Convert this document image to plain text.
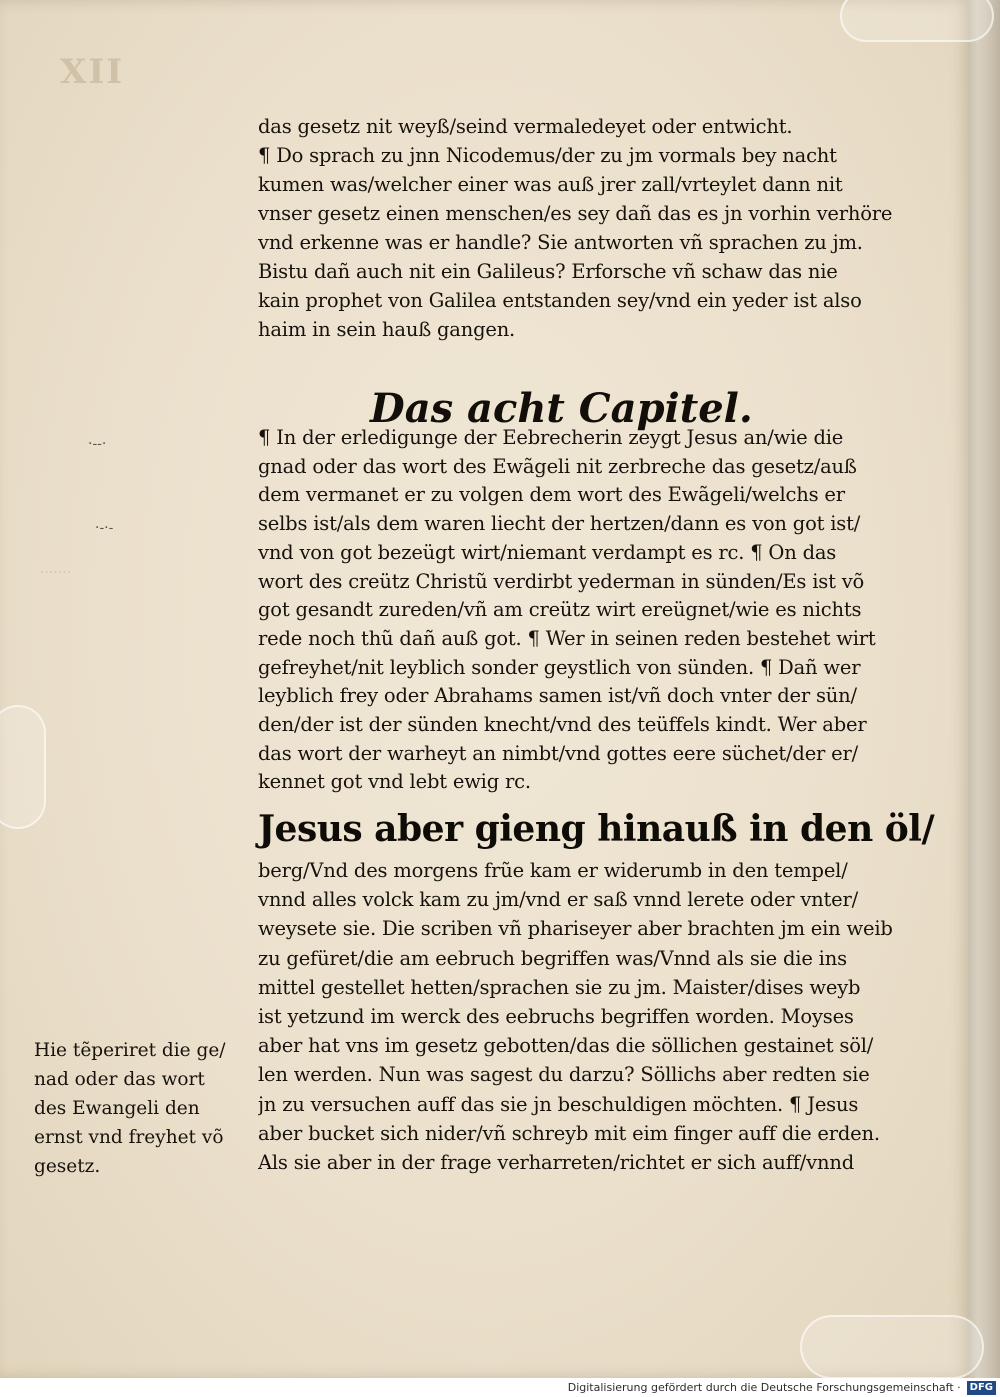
XII
·······
·--·
·-·-
das gesetz nit weyß/seind vermaledeyet oder entwicht.
¶ Do sprach zu jnn Nicodemus/der zu jm vormals bey nacht
kumen was/welcher einer was auß jrer zall/vrteylet dann nit
vnser gesetz einen menschen/es sey dañ das es jn vorhin verhöre
vnd erkenne was er handle? Sie antworten vñ sprachen zu jm.
Bistu dañ auch nit ein Galileus? Erforsche vñ schaw das nie
kain prophet von Galilea entstanden sey/vnd ein yeder ist also
haim in sein hauß gangen.
Das acht Capitel.
¶ In der erledigunge der Eebrecherin zeygt Jesus an/wie die
gnad oder das wort des Ewãgeli nit zerbreche das gesetz/auß
dem vermanet er zu volgen dem wort des Ewãgeli/welchs er
selbs ist/als dem waren liecht der hertzen/dann es von got ist/
vnd von got bezeügt wirt/niemant verdampt es rc. ¶ On das
wort des creütz Christũ verdirbt yederman in sünden/Es ist võ
got gesandt zureden/vñ am creütz wirt ereügnet/wie es nichts
rede noch thũ dañ auß got. ¶ Wer in seinen reden bestehet wirt
gefreyhet/nit leyblich sonder geystlich von sünden. ¶ Dañ wer
leyblich frey oder Abrahams samen ist/vñ doch vnter der sün/
den/der ist der sünden knecht/vnd des teüffels kindt. Wer aber
das wort der warheyt an nimbt/vnd gottes eere süchet/der er/
kennet got vnd lebt ewig rc.
Jesus aber gieng hinauß in den öl/
berg/Vnd des morgens frũe kam er widerumb in den tempel/
vnnd alles volck kam zu jm/vnd er saß vnnd lerete oder vnter/
weysete sie. Die scriben vñ phariseyer aber brachten jm ein weib
zu gefüret/die am eebruch begriffen was/Vnnd als sie die ins
mittel gestellet hetten/sprachen sie zu jm. Maister/dises weyb
ist yetzund im werck des eebruchs begriffen worden. Moyses
aber hat vns im gesetz gebotten/das die söllichen gestainet söl/
len werden. Nun was sagest du darzu? Söllichs aber redten sie
jn zu versuchen auff das sie jn beschuldigen möchten. ¶ Jesus
aber bucket sich nider/vñ schreyb mit eim finger auff die erden.
Als sie aber in der frage verharreten/richtet er sich auff/vnnd
Hie tẽperiret die ge/
nad oder das wort
des Ewangeli den
ernst vnd freyhet võ
gesetz.
Digitalisierung gefördert durch die Deutsche Forschungsgemeinschaft · DFG
